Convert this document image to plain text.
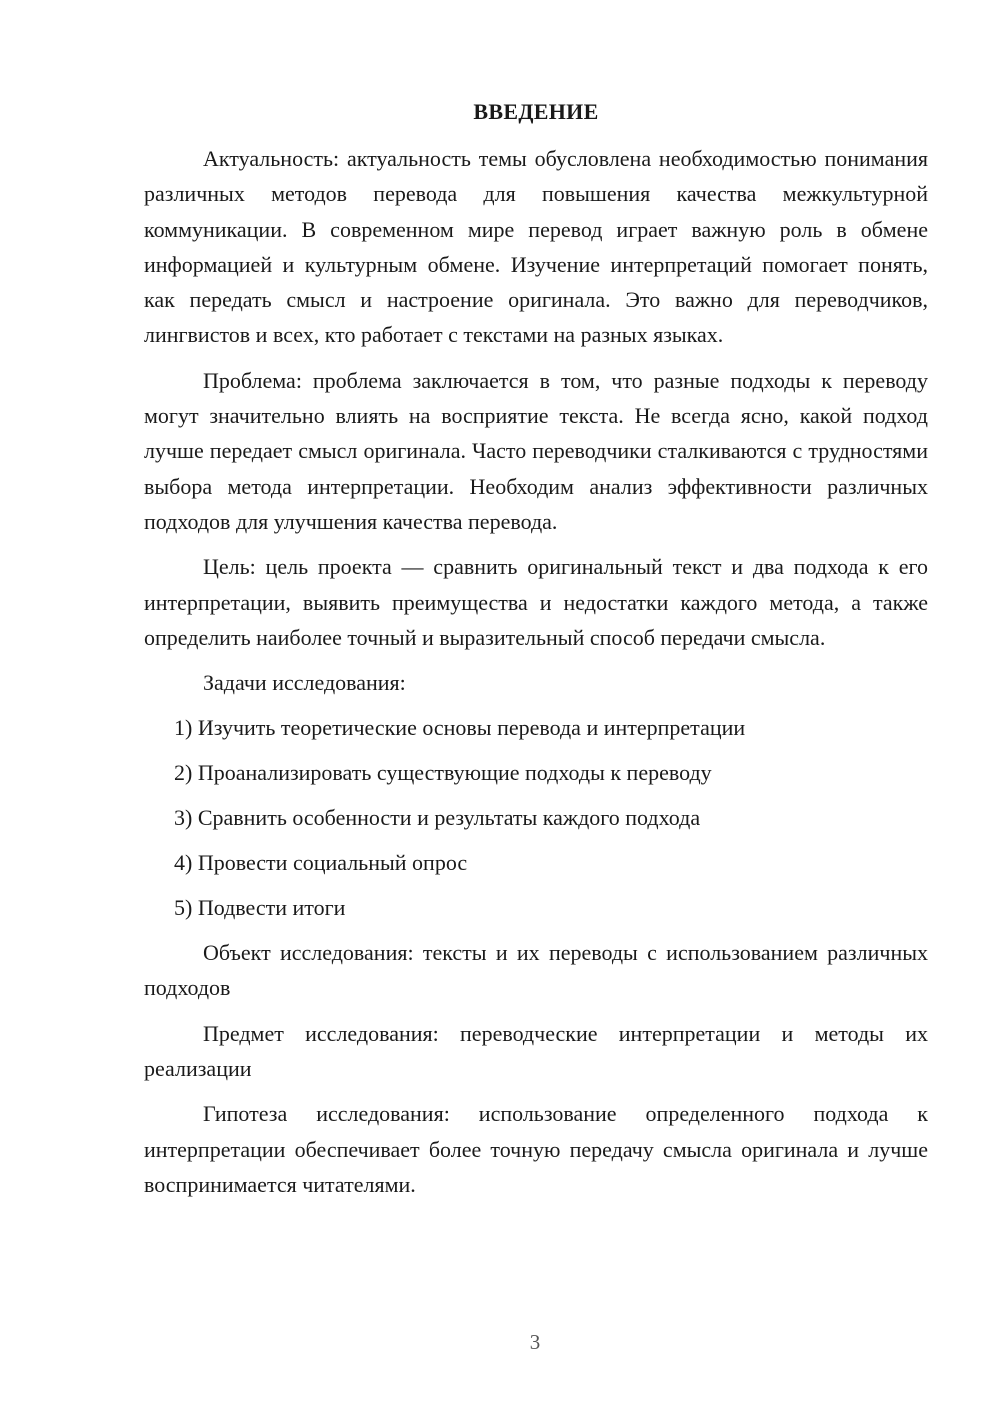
ВВЕДЕНИЕ

Актуальность: актуальность темы обусловлена необходимостью понимания различных методов перевода для повышения качества межкультурной коммуникации. В современном мире перевод играет важную роль в обмене информацией и культурным обмене. Изучение интерпретаций помогает понять, как передать смысл и настроение оригинала. Это важно для переводчиков, лингвистов и всех, кто работает с текстами на разных языках.

Проблема: проблема заключается в том, что разные подходы к переводу могут значительно влиять на восприятие текста. Не всегда ясно, какой подход лучше передает смысл оригинала. Часто переводчики сталкиваются с трудностями выбора метода интерпретации. Необходим анализ эффективности различных подходов для улучшения качества перевода.

Цель: цель проекта — сравнить оригинальный текст и два подхода к его интерпретации, выявить преимущества и недостатки каждого метода, а также определить наиболее точный и выразительный способ передачи смысла.

Задачи исследования:

1) Изучить теоретические основы перевода и интерпретации
2) Проанализировать существующие подходы к переводу
3) Сравнить особенности и результаты каждого подхода
4) Провести социальный опрос
5) Подвести итоги

Объект исследования: тексты и их переводы с использованием различных подходов

Предмет исследования: переводческие интерпретации и методы их реализации

Гипотеза исследования: использование определенного подхода к интерпретации обеспечивает более точную передачу смысла оригинала и лучше воспринимается читателями.

3
